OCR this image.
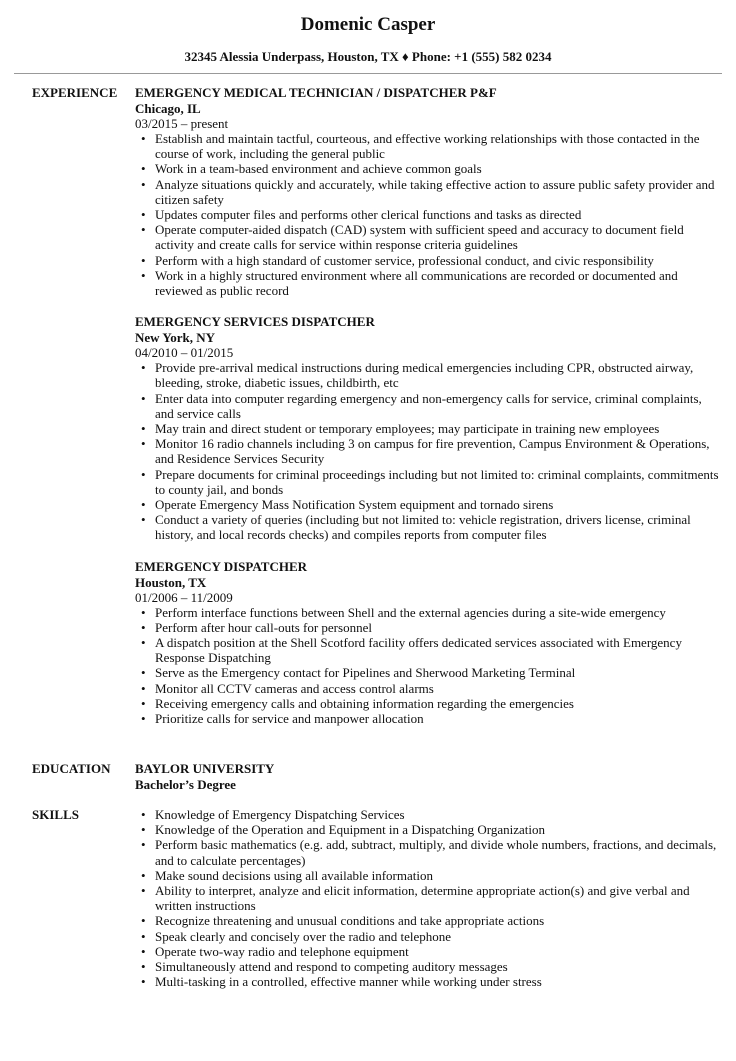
Domenic Casper
32345 Alessia Underpass, Houston, TX ♦ Phone: +1 (555) 582 0234
EXPERIENCE EMERGENCY MEDICAL TECHNICIAN / DISPATCHER P&F
Chicago, IL
03/2015 – present
• Establish and maintain tactful, courteous, and effective working relationships with those contacted in the course of work, including the general public
• Work in a team-based environment and achieve common goals
• Analyze situations quickly and accurately, while taking effective action to assure public safety provider and citizen safety
• Updates computer files and performs other clerical functions and tasks as directed
• Operate computer-aided dispatch (CAD) system with sufficient speed and accuracy to document field activity and create calls for service within response criteria guidelines
• Perform with a high standard of customer service, professional conduct, and civic responsibility
• Work in a highly structured environment where all communications are recorded or documented and reviewed as public record
EMERGENCY SERVICES DISPATCHER
New York, NY
04/2010 – 01/2015
• Provide pre-arrival medical instructions during medical emergencies including CPR, obstructed airway, bleeding, stroke, diabetic issues, childbirth, etc
• Enter data into computer regarding emergency and non-emergency calls for service, criminal complaints, and service calls
• May train and direct student or temporary employees; may participate in training new employees
• Monitor 16 radio channels including 3 on campus for fire prevention, Campus Environment & Operations, and Residence Services Security
• Prepare documents for criminal proceedings including but not limited to: criminal complaints, commitments to county jail, and bonds
• Operate Emergency Mass Notification System equipment and tornado sirens
• Conduct a variety of queries (including but not limited to: vehicle registration, drivers license, criminal history, and local records checks) and compiles reports from computer files
EMERGENCY DISPATCHER
Houston, TX
01/2006 – 11/2009
• Perform interface functions between Shell and the external agencies during a site-wide emergency
• Perform after hour call-outs for personnel
• A dispatch position at the Shell Scotford facility offers dedicated services associated with Emergency Response Dispatching
• Serve as the Emergency contact for Pipelines and Sherwood Marketing Terminal
• Monitor all CCTV cameras and access control alarms
• Receiving emergency calls and obtaining information regarding the emergencies
• Prioritize calls for service and manpower allocation
EDUCATION BAYLOR UNIVERSITY
Bachelor’s Degree
SKILLS
•	Knowledge of Emergency Dispatching Services
• Knowledge of the Operation and Equipment in a Dispatching Organization
• Perform basic mathematics (e.g. add, subtract, multiply, and divide whole numbers, fractions, and decimals, and to calculate percentages)
• Make sound decisions using all available information
• Ability to interpret, analyze and elicit information, determine appropriate action(s) and give verbal and written instructions
• Recognize threatening and unusual conditions and take appropriate actions
• Speak clearly and concisely over the radio and telephone
• Operate two-way radio and telephone equipment
• Simultaneously attend and respond to competing auditory messages
• Multi-tasking in a controlled, effective manner while working under stress
